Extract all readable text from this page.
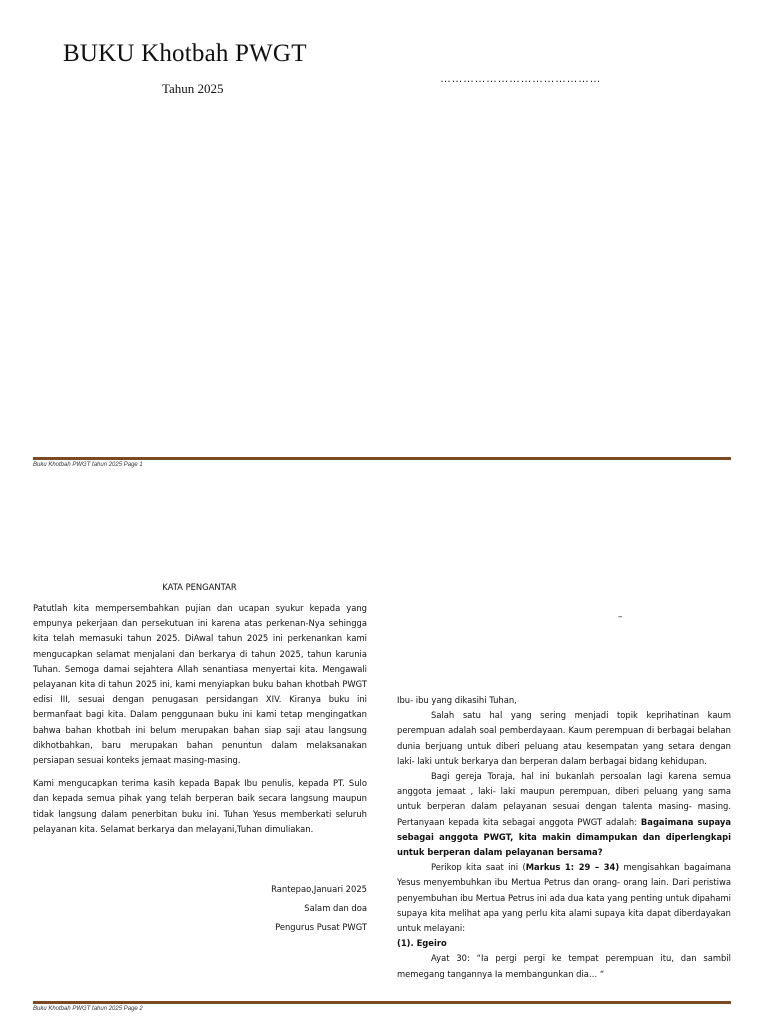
BUKU Khotbah PWGT
Tahun 2025
……………………………………
Buku Khotbah PWGT tahun 2025 Page 1
KATA PENGANTAR

Patutlah kita mempersembahkan pujian dan ucapan syukur kepada yang empunya pekerjaan dan persekutuan ini karena atas perkenan-Nya sehingga kita telah memasuki tahun 2025. DiAwal tahun 2025 ini perkenankan kami mengucapkan selamat menjalani dan berkarya di tahun 2025, tahun karunia Tuhan. Semoga damai sejahtera Allah senantiasa menyertai kita. Mengawali pelayanan kita di tahun 2025 ini, kami menyiapkan buku bahan khotbah PWGT edisi III, sesuai dengan penugasan persidangan XIV. Kiranya buku ini bermanfaat bagi kita. Dalam penggunaan buku ini kami tetap mengingatkan bahwa bahan khotbah ini belum merupakan bahan siap saji atau langsung dikhotbahkan, baru merupakan bahan penuntun dalam melaksanakan persiapan sesuai konteks jemaat masing-masing.

Kami mengucapkan terima kasih kepada Bapak Ibu penulis, kepada PT. Sulo dan kepada semua pihak yang telah berperan baik secara langsung maupun tidak langsung dalam penerbitan buku ini. Tuhan Yesus memberkati seluruh pelayanan kita. Selamat berkarya dan melayani,Tuhan dimuliakan.

Rantepao,Januari 2025
Salam dan doa
Pengurus Pusat PWGT
–

Ibu- ibu yang dikasihi Tuhan,

Salah satu hal yang sering menjadi topik keprihatinan kaum perempuan adalah soal pemberdayaan. Kaum perempuan di berbagai belahan dunia berjuang untuk diberi peluang atau kesempatan yang setara dengan laki- laki untuk berkarya dan berperan dalam berbagai bidang kehidupan.

Bagi gereja Toraja, hal ini bukanlah persoalan lagi karena semua anggota jemaat , laki- laki maupun perempuan, diberi peluang yang sama untuk berperan dalam pelayanan sesuai dengan talenta masing- masing. Pertanyaan kepada kita sebagai anggota PWGT adalah: Bagaimana supaya sebagai anggota PWGT, kita makin dimampukan dan diperlengkapi untuk berperan dalam pelayanan bersama?

Perikop kita saat ini (Markus 1: 29 – 34) mengisahkan bagaimana Yesus menyembuhkan ibu Mertua Petrus dan orang- orang lain. Dari peristiwa penyembuhan ibu Mertua Petrus ini ada dua kata yang penting untuk dipahami supaya kita melihat apa yang perlu kita alami supaya kita dapat diberdayakan untuk melayani:

(1). Egeiro

Ayat 30: “Ia pergi pergi ke tempat perempuan itu, dan sambil memegang tangannya Ia membangunkan dia… “

Buku Khotbah PWGT tahun 2025 Page 2
